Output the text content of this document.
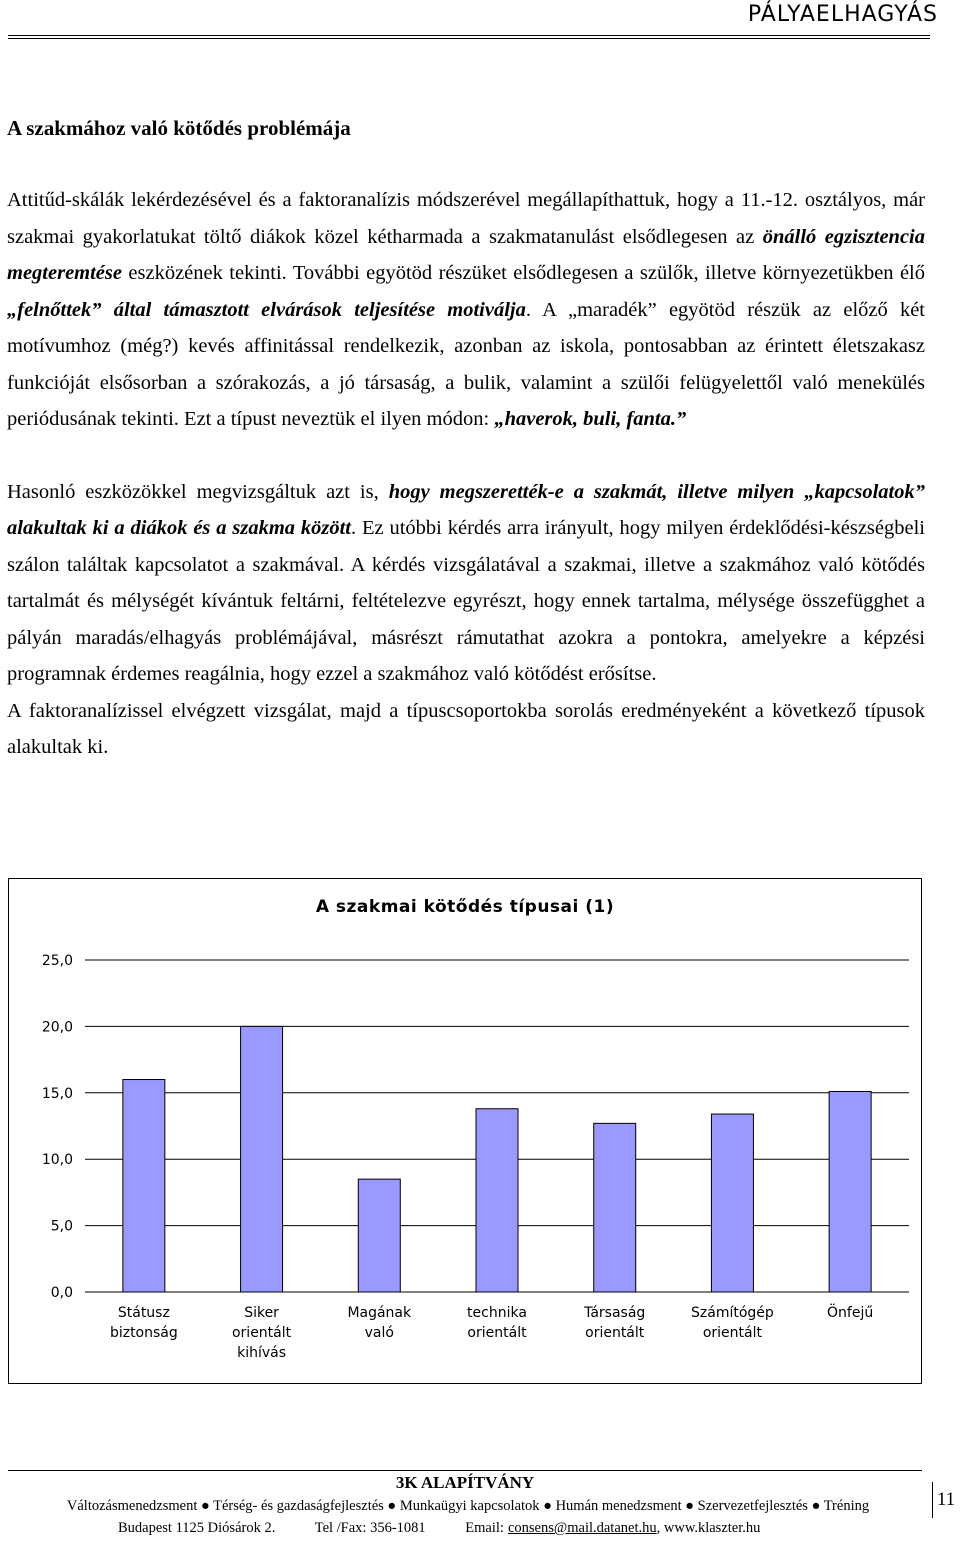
PÁLYAELHAGYÁS
A szakmához való kötődés problémája

Attitűd-skálák lekérdezésével és a faktoranalízis módszerével megállapíthattuk, hogy a 11.-12. osztályos, már szakmai gyakorlatukat töltő diákok közel kétharmada a szakmatanulást elsődlegesen az önálló egzisztencia megteremtése eszközének tekinti. További egyötöd részüket elsődlegesen a szülők, illetve környezetükben élő „felnőttek” által támasztott elvárások teljesítése motiválja. A „maradék” egyötöd részük az előző két motívumhoz (még?) kevés affinitással rendelkezik, azonban az iskola, pontosabban az érintett életszakasz funkcióját elsősorban a szórakozás, a jó társaság, a bulik, valamint a szülői felügyelettől való menekülés periódusának tekinti. Ezt a típust neveztük el ilyen módon: „haverok, buli, fanta.”

Hasonló eszközökkel megvizsgáltuk azt is, hogy megszerették-e a szakmát, illetve milyen „kapcsolatok” alakultak ki a diákok és a szakma között. Ez utóbbi kérdés arra irányult, hogy milyen érdeklődési-készségbeli szálon találtak kapcsolatot a szakmával. A kérdés vizsgálatával a szakmai, illetve a szakmához való kötődés tartalmát és mélységét kívántuk feltárni, feltételezve egyrészt, hogy ennek tartalma, mélysége összefügghet a pályán maradás/elhagyás problémájával, másrészt rámutathat azokra a pontokra, amelyekre a képzési programnak érdemes reagálnia, hogy ezzel a szakmához való kötődést erősítse.

A faktoranalízissel elvégzett vizsgálat, majd a típuscsoportokba sorolás eredményeként a következő típusok alakultak ki.

A szakmai kötődés típusai (1)
0,0
5,0
10,0
15,0
20,0
25,0
Státusz
biztonság
Siker
orientált
kihívás
Magának
való
technika
orientált
Társaság
orientált
Számítógép
orientált
Önfejű
3K ALAPÍTVÁNY
Változásmenedzsment ● Térség- és gazdaságfejlesztés ● Munkaügyi kapcsolatok ● Humán menedzsment ● Szervezetfejlesztés ● Tréning
Budapest 1125 Diósárok 2.	Tel /Fax: 356-1081	Email: consens@mail.datanet.hu, www.klaszter.hu
11
